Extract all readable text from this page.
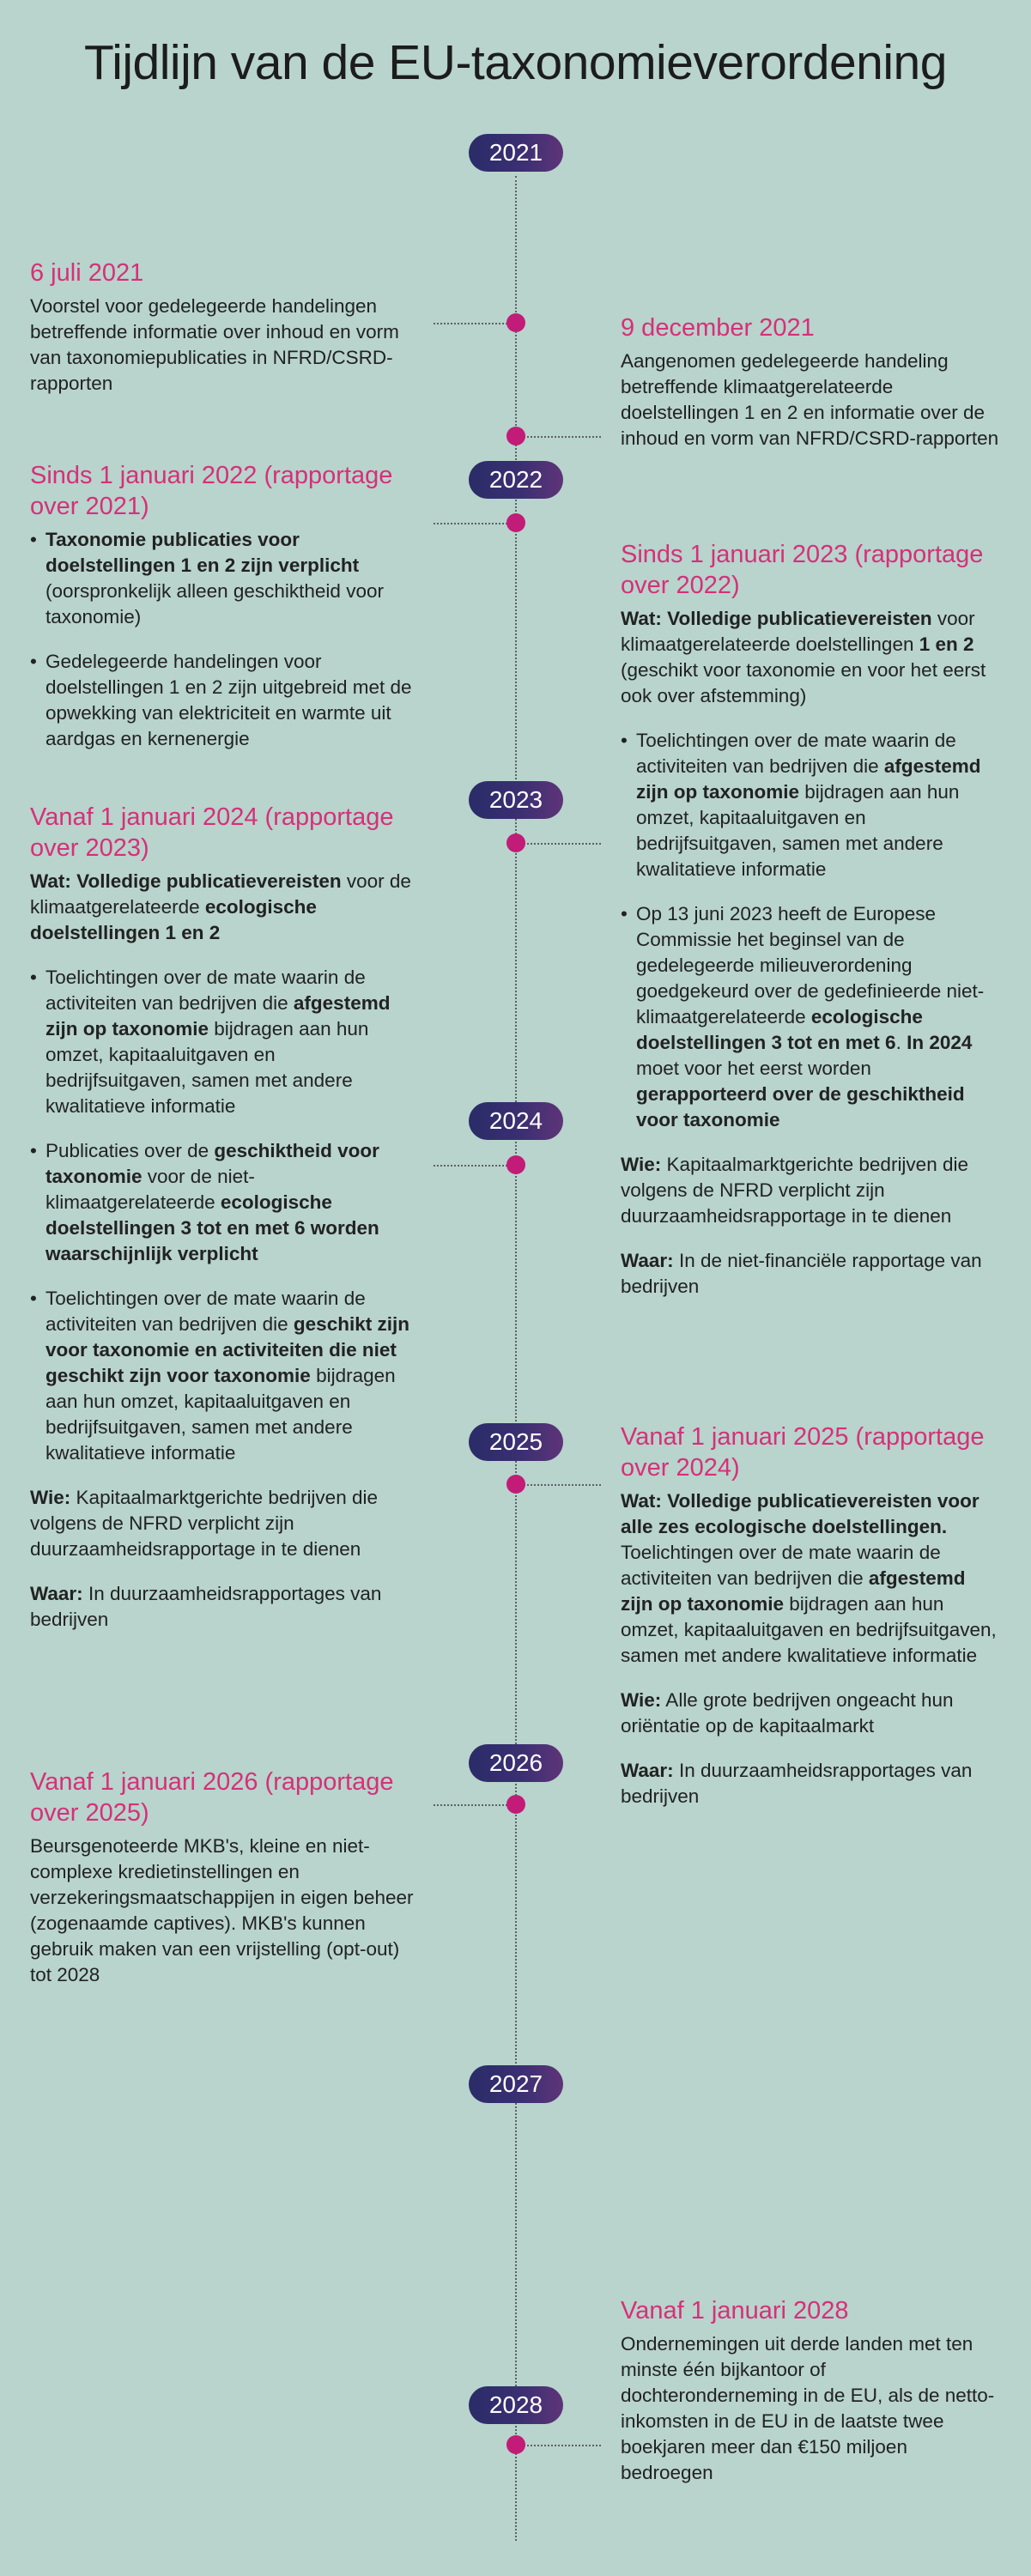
Tijdlijn van de EU-taxonomieverordening
2021
2022
2023
2024
2025
2026
2027
2028
6 juli 2021
Voorstel voor gedelegeerde handelingen betreffende informatie over inhoud en vorm van taxonomiepublicaties in NFRD/CSRD-rapporten
9 december 2021
Aangenomen gedelegeerde handeling betreffende klimaatgerelateerde doelstellingen 1 en 2 en informatie over de inhoud en vorm van NFRD/CSRD-rapporten
Sinds 1 januari 2022 (rapportage over 2021)
• Taxonomie publicaties voor doelstellingen 1 en 2 zijn verplicht (oorspronkelijk alleen geschiktheid voor taxonomie)
• Gedelegeerde handelingen voor doelstellingen 1 en 2 zijn uitgebreid met de opwekking van elektriciteit en warmte uit aardgas en kernenergie
Sinds 1 januari 2023 (rapportage over 2022)
Wat: Volledige publicatievereisten voor klimaatgerelateerde doelstellingen 1 en 2 (geschikt voor taxonomie en voor het eerst ook over afstemming)
• Toelichtingen over de mate waarin de activiteiten van bedrijven die afgestemd zijn op taxonomie bijdragen aan hun omzet, kapitaaluitgaven en bedrijfsuitgaven, samen met andere kwalitatieve informatie
• Op 13 juni 2023 heeft de Europese Commissie het beginsel van de gedelegeerde milieuverordening goedgekeurd over de gedefinieerde niet-klimaatgerelateerde ecologische doelstellingen 3 tot en met 6. In 2024 moet voor het eerst worden gerapporteerd over de geschiktheid voor taxonomie
Wie: Kapitaalmarktgerichte bedrijven die volgens de NFRD verplicht zijn duurzaamheidsrapportage in te dienen
Waar: In de niet-financiële rapportage van bedrijven
Vanaf 1 januari 2024 (rapportage over 2023)
Wat: Volledige publicatievereisten voor de klimaatgerelateerde ecologische doelstellingen 1 en 2
• Toelichtingen over de mate waarin de activiteiten van bedrijven die afgestemd zijn op taxonomie bijdragen aan hun omzet, kapitaaluitgaven en bedrijfsuitgaven, samen met andere kwalitatieve informatie
• Publicaties over de geschiktheid voor taxonomie voor de niet-klimaatgerelateerde ecologische doelstellingen 3 tot en met 6 worden waarschijnlijk verplicht
• Toelichtingen over de mate waarin de activiteiten van bedrijven die geschikt zijn voor taxonomie en activiteiten die niet geschikt zijn voor taxonomie bijdragen aan hun omzet, kapitaaluitgaven en bedrijfsuitgaven, samen met andere kwalitatieve informatie
Wie: Kapitaalmarktgerichte bedrijven die volgens de NFRD verplicht zijn duurzaamheidsrapportage in te dienen
Waar: In duurzaamheidsrapportages van bedrijven
Vanaf 1 januari 2025 (rapportage over 2024)
Wat: Volledige publicatievereisten voor alle zes ecologische doelstellingen. Toelichtingen over de mate waarin de activiteiten van bedrijven die afgestemd zijn op taxonomie bijdragen aan hun omzet, kapitaaluitgaven en bedrijfsuitgaven, samen met andere kwalitatieve informatie
Wie: Alle grote bedrijven ongeacht hun oriëntatie op de kapitaalmarkt
Waar: In duurzaamheidsrapportages van bedrijven
Vanaf 1 januari 2026 (rapportage over 2025)
Beursgenoteerde MKB's, kleine en niet-complexe kredietinstellingen en verzekeringsmaatschappijen in eigen beheer (zogenaamde captives). MKB's kunnen gebruik maken van een vrijstelling (opt-out) tot 2028
Vanaf 1 januari 2028
Ondernemingen uit derde landen met ten minste één bijkantoor of dochteronderneming in de EU, als de netto-inkomsten in de EU in de laatste twee boekjaren meer dan €150 miljoen bedroegen
